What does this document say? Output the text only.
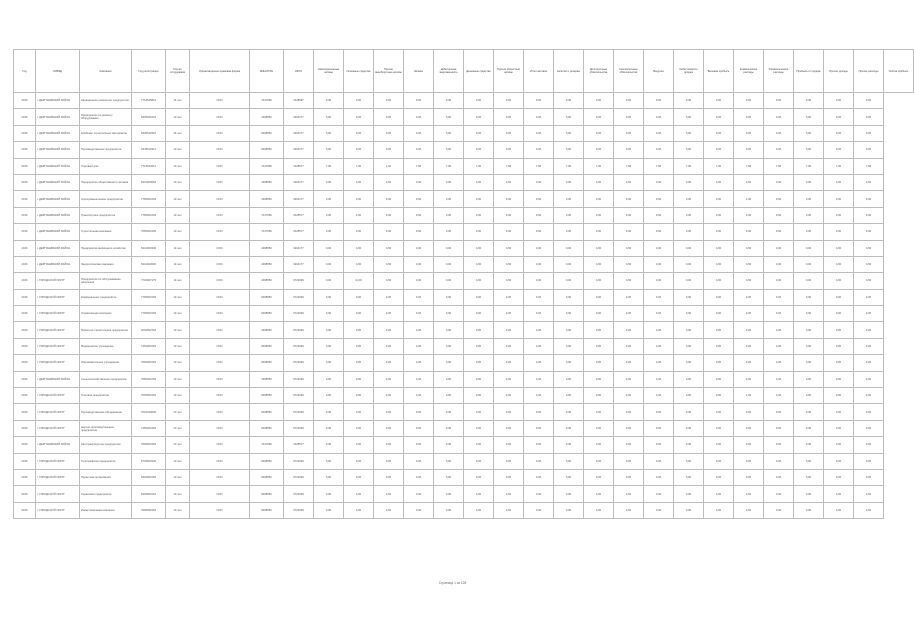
Год	ОКВЭД	Компания	Год регистрации	Кол-во сотрудников	Организационно-правовая форма	ИНН/ОГРН	ОКПО	Нематериальные активы	Основные средства	Прочие внеоборотные активы	Запасы	Дебиторская задолженность	Денежные средства	Прочие оборотные активы	Итого активов	Капитал и резервы	Долгосрочные обязательства	Краткосрочные обязательства	Выручка	Себестоимость продаж	Валовая прибыль	Коммерческие расходы	Управленческие расходы	Прибыль от продаж	Прочие доходы	Прочие расходы	Чистая прибыль
2016	г. ДЕРГАЧЕВСКИЙ РАЙОН	Авиационное ремонтное предприятие	7713545812	14 чел	ООО	7447089	3128587	0,00	0,00	0,00	0,00	0,00	0,00	0,00	0,00	0,00	0,00	0,00	0,00	0,00	0,00	0,00	0,00	0,00	0,00	0,00	
2016	г. ДЕРГАЧЕВСКИЙ РАЙОН	Предприятие по ремонту оборудования	6345626434	10 чел	ООО	4498550	3204177	0,00	0,00	0,00	0,00	0,00	0,00	0,00	0,00	0,00	0,00	0,00	0,00	0,00	0,00	0,00	0,00	0,00	0,00	0,00	
2016	г. ДЕРГАЧЕВСКИЙ РАЙОН	Комбинат строительных материалов	6345610315	16 чел	ООО	6498550	3204177	0,00	0,00	0,00	0,00	0,00	0,00	0,00	0,00	0,00	0,00	0,00	0,00	0,00	0,00	0,00	0,00	0,00	0,00	0,00	
2016	г. ДЕРГАЧЕВСКИЙ РАЙОН	Производственное предприятие	6345610311	10 чел	ООО	6498550	3204177	0,00	0,00	0,00	0,00	0,00	0,00	0,00	0,00	0,00	0,00	0,00	0,00	0,00	0,00	0,00	0,00	0,00	0,00	0,00	
2016	г. ДЕРГАЧЕВСКИЙ РАЙОН	Торговый дом	7713544612	10 чел	ООО	7447089	3128577	7,00	7,00	1,00	7,00	7,00	7,00	7,00	7,00	7,00	7,00	7,00	7,00	7,00	7,00	7,00	7,00	7,00	7,00	7,00	
2016	г. ДЕРГАЧЕВСКИЙ РАЙОН	Предприятие общественного питания	6341003064	10 чел	ООО	4498550	3204177	0,00	0,00	0,00	0,00	0,00	0,00	0,00	0,00	0,00	0,00	0,00	0,00	0,00	0,00	0,00	0,00	0,00	0,00	0,00	
2016	г. ДЕРГАЧЕВСКИЙ РАЙОН	Агропромышленное предприятие	7705000153	10 чел	ООО	4498550	3204177	0,00	0,00	0,00	0,00	0,00	0,00	0,00	0,00	0,00	0,00	0,00	0,00	0,00	0,00	1,00	0,00	0,00	0,00	0,00	
2016	г. ДЕРГАЧЕВСКИЙ РАЙОН	Транспортное предприятие	7705000153	10 чел	ООО	7447089	3128577	0,00	4,00	0,00	0,00	0,00	0,00	0,00	0,00	0,00	0,00	0,00	0,00	0,00	0,00	4,00	0,00	0,00	0,00	0,00	
2016	г. ДЕРГАЧЕВСКИЙ РАЙОН	Строительная компания	7650000105	10 чел	ООО	7447089	3128577	0,00	0,00	0,00	0,00	0,00	0,00	0,00	0,00	0,00	0,00	0,00	0,00	0,00	0,00	0,00	0,00	0,00	0,00	0,00	
2016	г. ДЕРГАЧЕВСКИЙ РАЙОН	Предприятие жилищного хозяйства	6341003346	10 чел	ООО	4498550	3204177	0,00	0,00	0,00	0,00	0,00	0,00	0,00	0,00	0,00	0,00	0,00	0,00	0,00	0,00	0,00	0,00	0,00	0,00	0,00	
2016	г. ДЕРГАЧЕВСКИЙ РАЙОН	Энергетическая компания	6341022030	10 чел	ООО	4498550	3204177	0,00	0,00	0,00	0,00	0,00	0,00	0,00	0,00	0,00	0,00	0,00	0,00	0,00	0,00	0,00	0,00	0,00	0,00	0,00	
2016	г. ГОРОДСКОЙ ОКРУГ	Предприятие по обслуживанию населения	7704007175	10 чел	ООО	2498550	6723099	0,00	11,00	0,00	0,00	0,00	0,00	0,00	0,00	0,00	0,00	0,00	0,00	0,00	0,00	0,00	0,00	0,00	0,00	0,00	
2016	г. ГОРОДСКОЙ ОКРУГ	Коммунальное предприятие	7705000153	10 чел	ООО	6498550	6723099	0,00	0,00	0,00	0,00	0,00	0,00	0,00	0,00	0,00	0,00	0,00	0,00	0,00	0,00	0,00	0,00	0,00	0,00	0,00	
2016	г. ГОРОДСКОЙ ОКРУГ	Управляющая компания	7705000153	10 чел	ООО	6498550	6723099	0,00	0,00	0,00	0,00	0,00	0,00	0,00	0,00	0,00	0,00	0,00	0,00	0,00	0,00	0,00	0,00	0,00	0,00	0,00	
2016	г. ГОРОДСКОЙ ОКРУГ	Ремонтно-строительное предприятие	2004652718	10 чел	ООО	4498550	6723099	0,00	0,00	0,00	0,00	0,00	0,00	0,00	0,00	0,00	0,00	0,00	0,00	0,00	0,00	0,00	0,00	0,00	0,00	0,00	
2016	г. ГОРОДСКОЙ ОКРУГ	Медицинское учреждение	7454000153	10 чел	ООО	6498550	6723099	0,00	0,00	0,00	0,00	0,00	0,00	0,00	0,00	0,00	0,00	0,00	0,00	0,00	0,00	0,00	0,00	0,00	0,00	0,00	
2016	г. ГОРОДСКОЙ ОКРУГ	Образовательное учреждение	7000000153	10 чел	ООО	6498550	6723099	0,00	0,00	0,00	0,00	0,00	0,00	0,00	0,00	0,00	0,00	0,00	0,00	0,00	0,00	0,00	0,00	0,00	0,00	0,00	
2016	г. ДЕРГАЧЕВСКИЙ РАЙОН	Сельскохозяйственное предприятие	7665401053	10 чел	ООО	4498550	6723099	0,00	0,00	0,00	0,00	0,00	0,00	0,00	0,00	0,00	0,00	0,00	0,00	0,00	0,00	0,00	0,00	0,00	0,00	0,00	
2016	г. ГОРОДСКОЙ ОКРУГ	Торговое предприятие	7005000153	10 чел	ООО	6498550	6723099	0,00	0,00	0,00	0,00	0,00	0,00	0,00	0,00	0,00	0,00	0,00	0,00	0,00	0,00	1,00	0,00	0,00	0,00	0,00	
2016	г. ГОРОДСКОЙ ОКРУГ	Производственное объединение	7004440000	10 чел	ООО	6498550	6723099	0,00	0,00	0,00	0,00	0,00	0,00	0,00	0,00	0,00	0,00	0,00	0,00	0,00	0,00	0,00	0,00	0,00	0,00	0,00	
2016	г. ГОРОДСКОЙ ОКРУГ	Научно-производственное предприятие	7450000153	10 чел	ООО	6498550	6723099	0,00	0,00	0,00	0,00	0,00	0,00	0,00	0,00	0,00	0,00	0,00	0,00	0,00	0,00	0,00	0,00	0,00	0,00	0,00	
2016	г. ДЕРГАЧЕВСКИЙ РАЙОН	Автотранспортное предприятие	7999000153	10 чел	ООО	7447089	3128577	0,00	0,00	0,00	0,00	0,00	0,00	0,00	0,00	0,00	0,00	0,00	0,00	0,00	0,00	0,00	0,00	0,00	0,00	0,00	
2016	г. ГОРОДСКОЙ ОКРУГ	Типографское предприятие	6746600346	10 чел	ООО	6498550	6723099	0,00	0,00	0,00	0,00	0,00	0,00	0,00	0,00	0,00	0,00	0,00	0,00	0,00	0,00	0,00	0,00	0,00	0,00	0,00	
2016	г. ГОРОДСКОЙ ОКРУГ	Проектная организация	6304000153	10 чел	ООО	6498550	6723099	0,00	0,00	0,00	0,00	0,00	0,00	0,00	0,00	0,00	0,00	0,00	0,00	0,00	0,00	0,00	0,00	0,00	0,00	0,00	
2016	г. ГОРОДСКОЙ ОКРУГ	Сервисное предприятие	6345000161	10 чел	ООО	6498550	6723099	0,00	0,00	0,00	0,00	0,00	0,00	0,00	0,00	0,00	0,00	0,00	0,00	0,00	0,00	0,00	0,00	0,00	0,00	0,00	
2016	г. ГОРОДСКОЙ ОКРУГ	Инвестиционная компания	7999999153	10 чел	ООО	6498550	6723099	0,00	0,00	0,00	0,00	0,00	0,00	0,00	0,00	0,00	0,00	0,00	0,00	0,00	0,00	0,00	0,00	0,00	0,00	0,00	
Страница 1 из 128
